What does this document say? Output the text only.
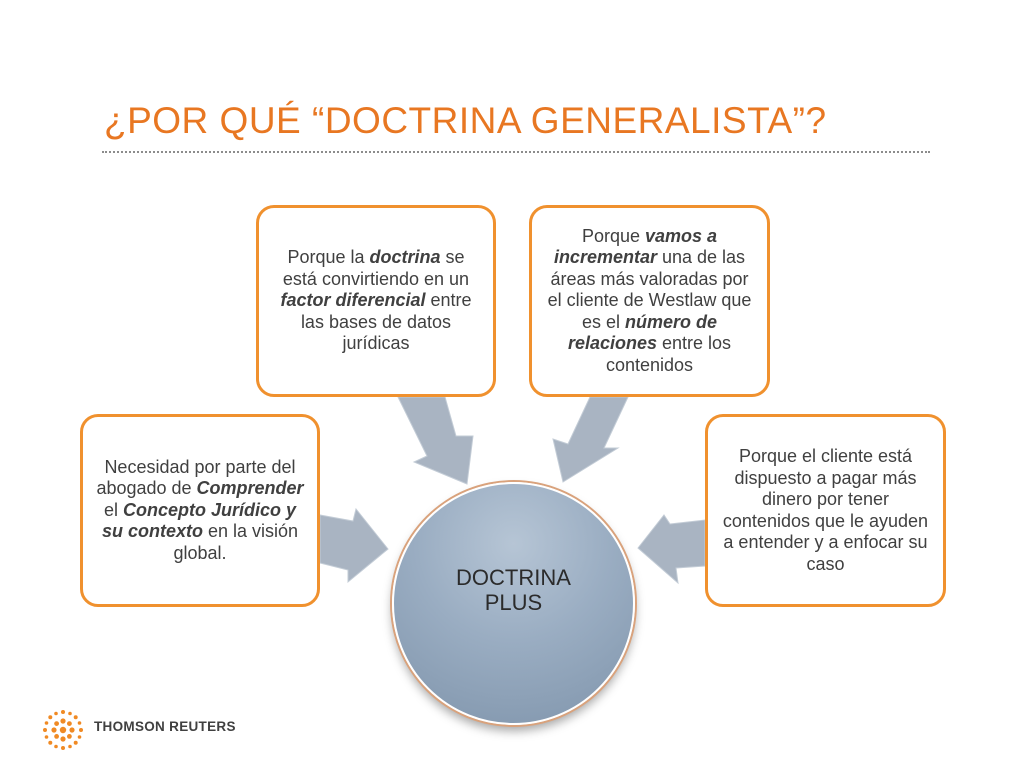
¿POR QUÉ “DOCTRINA GENERALISTA”?

Necesidad por parte del abogado de Comprender el Concepto Jurídico y su contexto en la visión global.

Porque la doctrina se está convirtiendo en un factor diferencial entre las bases de datos jurídicas

Porque vamos a incrementar una de las áreas más valoradas por el cliente de Westlaw que es el número de relaciones entre los contenidos

Porque el cliente está dispuesto a pagar más dinero por tener contenidos que le ayuden a entender y a enfocar su caso

DOCTRINA PLUS
THOMSON REUTERS
